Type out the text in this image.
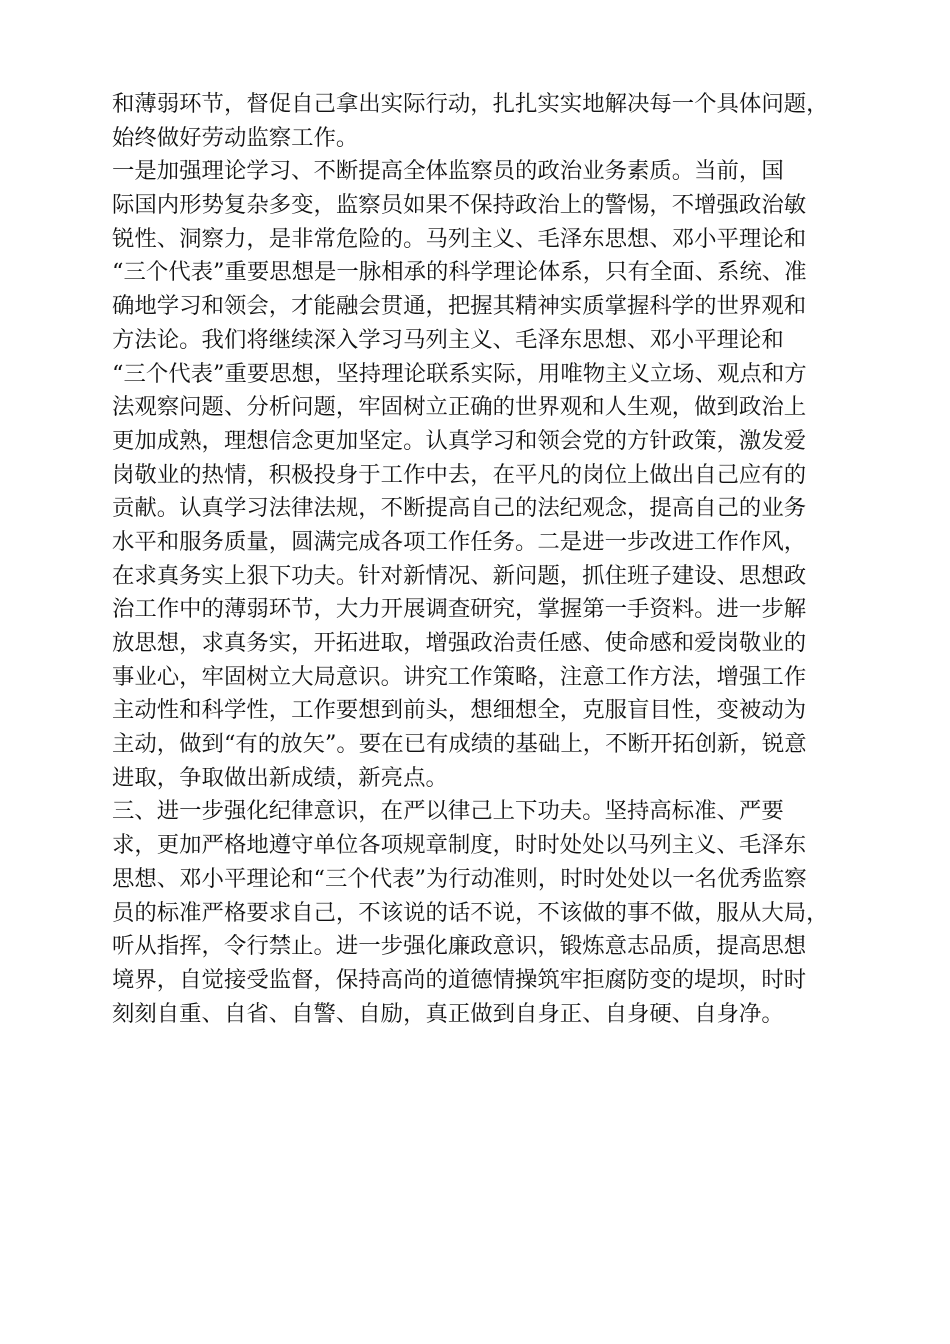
和薄弱环节，督促自己拿出实际行动，扎扎实实地解决每一个具体问题，
始终做好劳动监察工作。
一是加强理论学习、不断提高全体监察员的政治业务素质。当前，国
际国内形势复杂多变，监察员如果不保持政治上的警惕，不增强政治敏
锐性、洞察力，是非常危险的。马列主义、毛泽东思想、邓小平理论和
“三个代表”重要思想是一脉相承的科学理论体系，只有全面、系统、准
确地学习和领会，才能融会贯通，把握其精神实质掌握科学的世界观和
方法论。我们将继续深入学习马列主义、毛泽东思想、邓小平理论和
“三个代表”重要思想，坚持理论联系实际，用唯物主义立场、观点和方
法观察问题、分析问题，牢固树立正确的世界观和人生观，做到政治上
更加成熟，理想信念更加坚定。认真学习和领会党的方针政策，激发爱
岗敬业的热情，积极投身于工作中去，在平凡的岗位上做出自己应有的
贡献。认真学习法律法规，不断提高自己的法纪观念，提高自己的业务
水平和服务质量，圆满完成各项工作任务。二是进一步改进工作作风，
在求真务实上狠下功夫。针对新情况、新问题，抓住班子建设、思想政
治工作中的薄弱环节，大力开展调查研究，掌握第一手资料。进一步解
放思想，求真务实，开拓进取，增强政治责任感、使命感和爱岗敬业的
事业心，牢固树立大局意识。讲究工作策略，注意工作方法，增强工作
主动性和科学性，工作要想到前头，想细想全，克服盲目性，变被动为
主动，做到“有的放矢”。要在已有成绩的基础上，不断开拓创新，锐意
进取，争取做出新成绩，新亮点。
三、进一步强化纪律意识，在严以律己上下功夫。坚持高标准、严要
求，更加严格地遵守单位各项规章制度，时时处处以马列主义、毛泽东
思想、邓小平理论和“三个代表”为行动准则，时时处处以一名优秀监察
员的标准严格要求自己，不该说的话不说，不该做的事不做，服从大局，
听从指挥，令行禁止。进一步强化廉政意识，锻炼意志品质，提高思想
境界，自觉接受监督，保持高尚的道德情操筑牢拒腐防变的堤坝，时时
刻刻自重、自省、自警、自励，真正做到自身正、自身硬、自身净。
